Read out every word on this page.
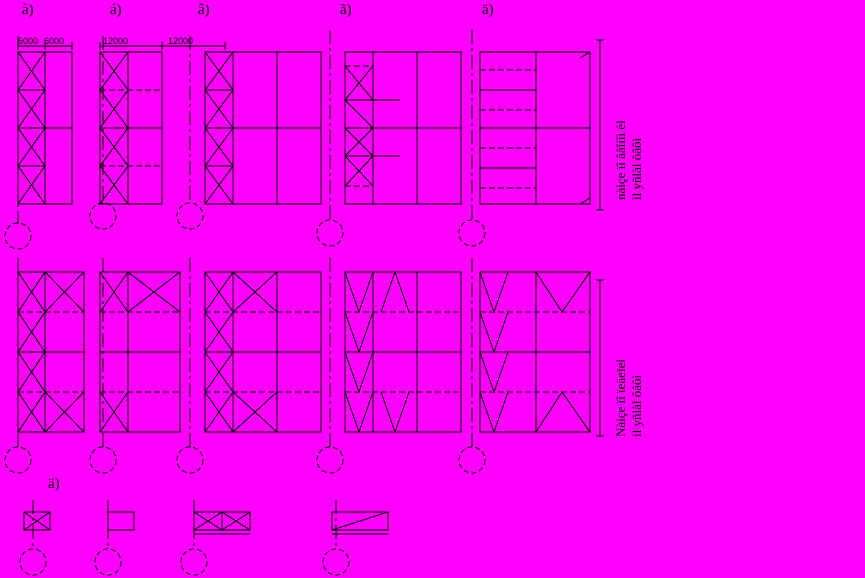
à)	á)	â)	ã)	ä)
ä)
6000 6000	12000	12000
nàiçe ïî ââîíîì èl ìl yñlàl ôâôì
Nàiçe ïî ïeäeïel ìl yñlàl ôâôì
